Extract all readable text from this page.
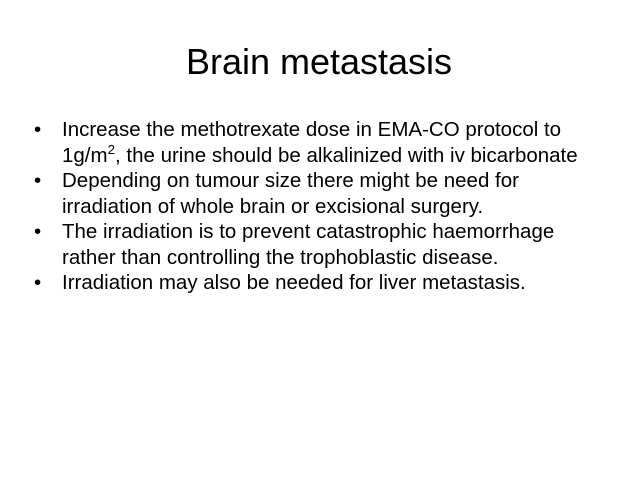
Brain metastasis
•	Increase the methotrexate dose in EMA-CO protocol to $1g/m^2$, the urine should be alkalinized with iv bicarbonate
•	Depending on tumour size there might be need for irradiation of whole brain or excisional surgery.
•	The irradiation is to prevent catastrophic haemorrhage rather than controlling the trophoblastic disease.
•	Irradiation may also be needed for liver metastasis.
